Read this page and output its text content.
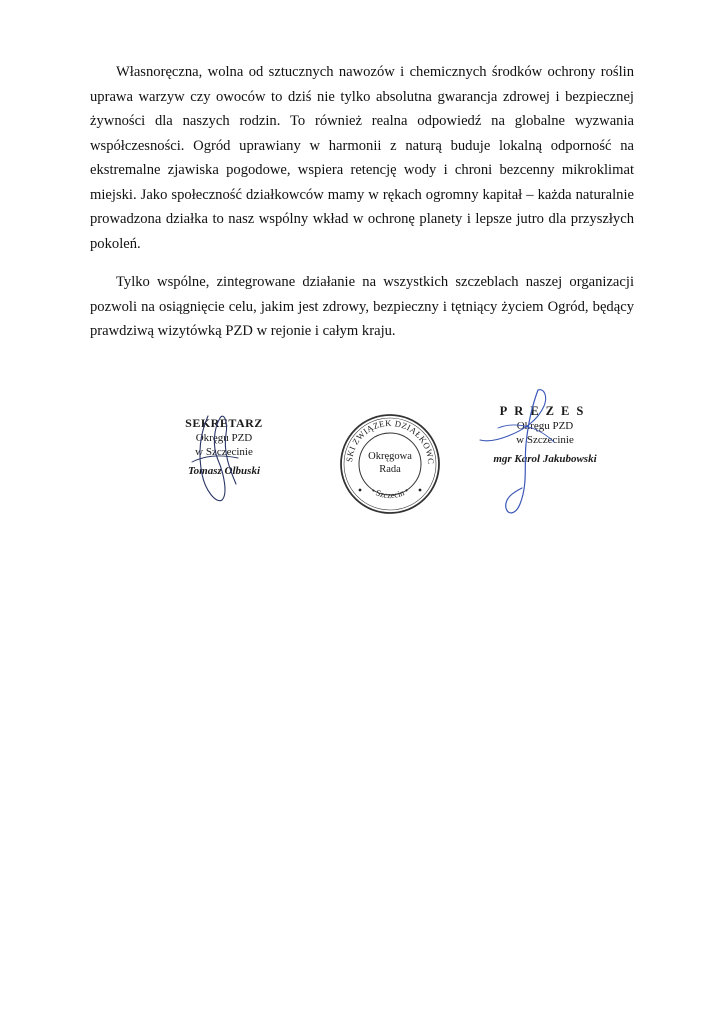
Własnoręczna, wolna od sztucznych nawozów i chemicznych środków ochrony roślin uprawa warzyw czy owoców to dziś nie tylko absolutna gwarancja zdrowej i bezpiecznej żywności dla naszych rodzin. To również realna odpowiedź na globalne wyzwania współczesności. Ogród uprawiany w harmonii z naturą buduje lokalną odporność na ekstremalne zjawiska pogodowe, wspiera retencję wody i chroni bezcenny mikroklimat miejski. Jako społeczność działkowców mamy w rękach ogromny kapitał – każda naturalnie prowadzona działka to nasz wspólny wkład w ochronę planety i lepsze jutro dla przyszłych pokoleń.

Tylko wspólne, zintegrowane działanie na wszystkich szczeblach naszej organizacji pozwoli na osiągnięcie celu, jakim jest zdrowy, bezpieczny i tętniący życiem Ogród, będący prawdziwą wizytówką PZD w rejonie i całym kraju.

SEKRETARZ
Okręgu PZD
w Szczecinie
Tomasz Olbuski
SKI ZWIĄZEK DZIAŁKOWC
• Szczecin •
Okręgowa
Rada
PREZES
Okręgu PZD
w Szczecinie
mgr Karol Jakubowski
